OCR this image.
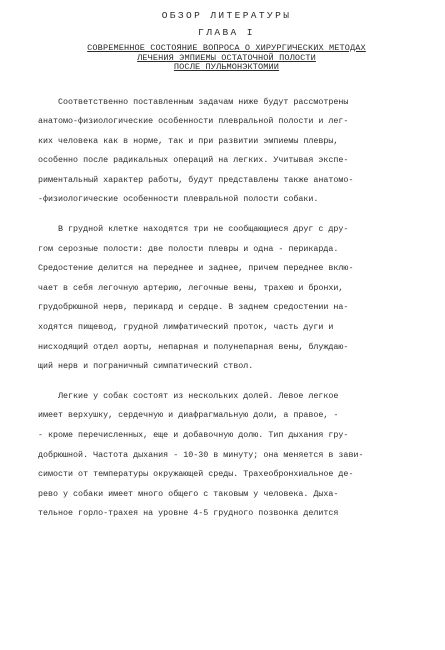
ОБЗОР ЛИТЕРАТУРЫ

ГЛАВА I

СОВРЕМЕННОЕ СОСТОЯНИЕ ВОПРОСА О ХИРУРГИЧЕСКИХ МЕТОДАХ

ЛЕЧЕНИЯ ЭМПИЕМЫ ОСТАТОЧНОЙ ПОЛОСТИ

ПОСЛЕ ПУЛЬМОНЭКТОМИИ

Соответственно поставленным задачам ниже будут рассмотрены
анатомо-физиологические особенности плевральной полости и лег-
ких человека как в норме, так и при развитии эмпиемы плевры,
особенно после радикальных операций на легких. Учитывая экспе-
риментальный характер работы, будут представлены также анатомо-
-физиологические особенности плевральной полости собаки.
В грудной клетке находятся три не сообщающиеся друг с дру-
гом серозные полости: две полости плевры и одна - перикарда.
Средостение делится на переднее и заднее, причем переднее вклю-
чает в себя легочную артерию, легочные вены, трахею и бронхи,
грудобрюшной нерв, перикард и сердце. В заднем средостении на-
ходятся пищевод, грудной лимфатический проток, часть дуги и
нисходящий отдел аорты, непарная и полунепарная вены, блуждаю-
щий нерв и пограничный симпатический ствол.
Легкие у собак состоят из нескольких долей. Левое легкое
имеет верхушку, сердечную и диафрагмальную доли, а правое, -
- кроме перечисленных, еще и добавочную долю. Тип дыхания гру-
добрюшной. Частота дыхания - 10-30 в минуту; она меняется в зави-
симости от температуры окружающей среды. Трахеобронхиальное де-
рево у собаки имеет много общего с таковым у человека. Дыха-
тельное горло-трахея на уровне 4-5 грудного позвонка делится
